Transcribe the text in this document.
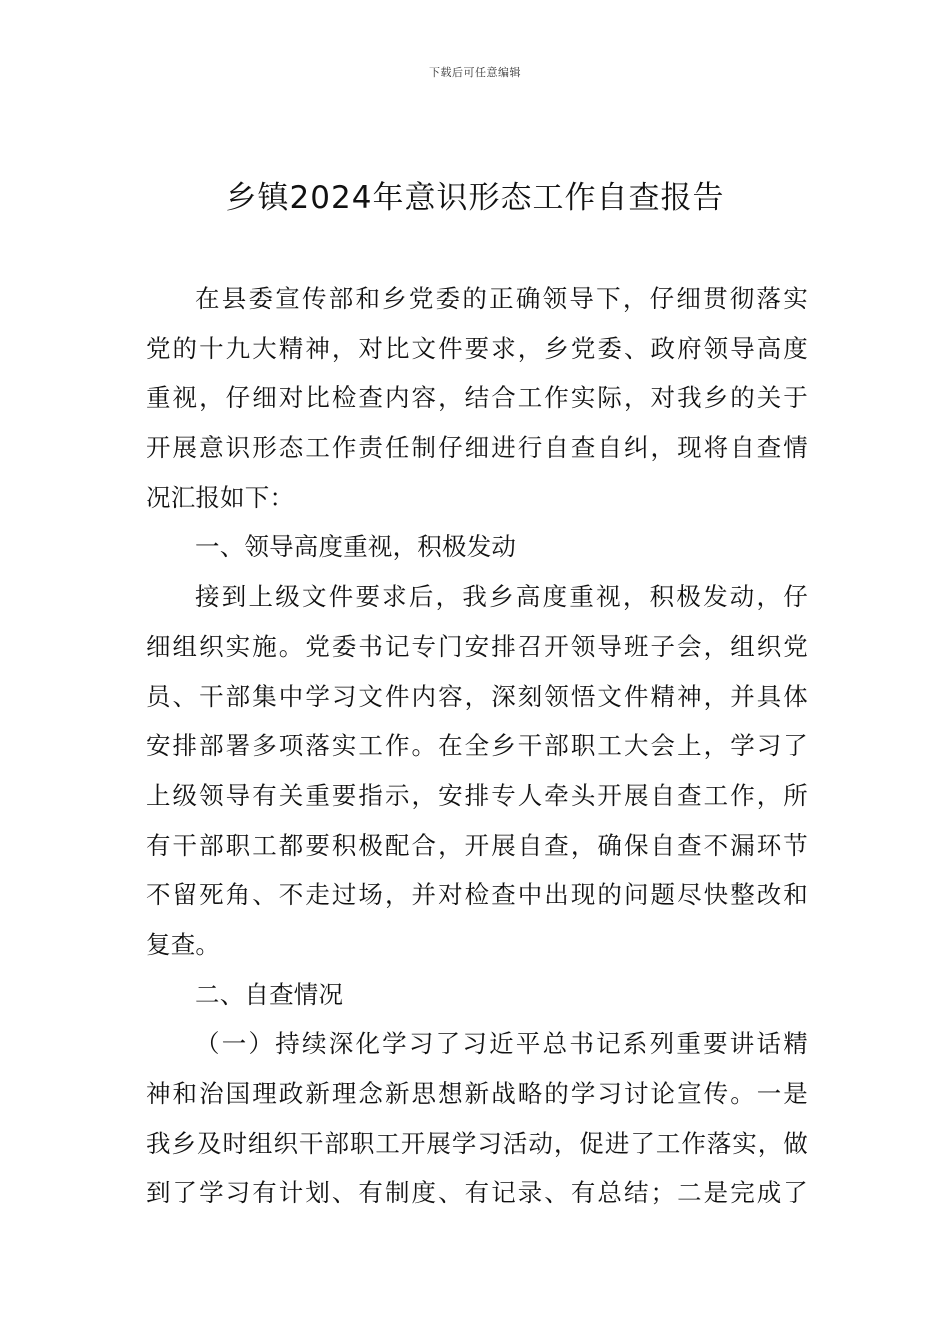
下载后可任意编辑
乡镇2024年意识形态工作自查报告
在县委宣传部和乡党委的正确领导下，仔细贯彻落实
党的十九大精神，对比文件要求，乡党委、政府领导高度
重视，仔细对比检查内容，结合工作实际，对我乡的关于
开展意识形态工作责任制仔细进行自查自纠，现将自查情
况汇报如下：
一、领导高度重视，积极发动
接到上级文件要求后，我乡高度重视，积极发动，仔
细组织实施。党委书记专门安排召开领导班子会，组织党
员、干部集中学习文件内容，深刻领悟文件精神，并具体
安排部署多项落实工作。在全乡干部职工大会上，学习了
上级领导有关重要指示，安排专人牵头开展自查工作，所
有干部职工都要积极配合，开展自查，确保自查不漏环节
不留死角、不走过场，并对检查中出现的问题尽快整改和
复查。
二、自查情况
（一）持续深化学习了习近平总书记系列重要讲话精
神和治国理政新理念新思想新战略的学习讨论宣传。一是
我乡及时组织干部职工开展学习活动，促进了工作落实，做
到了学习有计划、有制度、有记录、有总结；二是完成了
